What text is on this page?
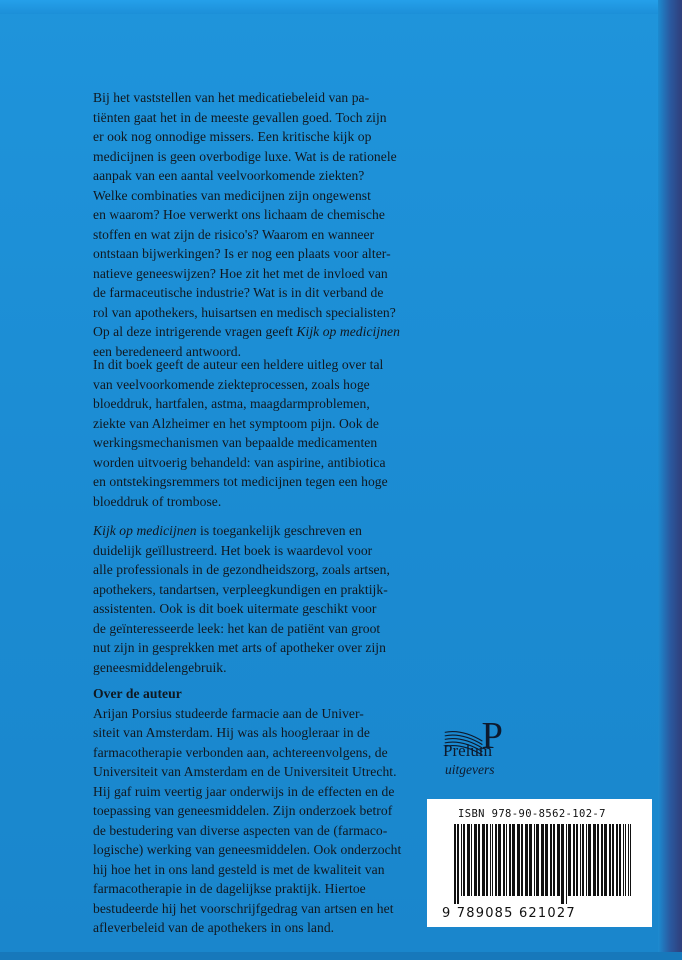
Bij het vaststellen van het medicatiebeleid van pa-

tiënten gaat het in de meeste gevallen goed. Toch zijn

er ook nog onnodige missers. Een kritische kijk op

medicijnen is geen overbodige luxe. Wat is de rationele

aanpak van een aantal veelvoorkomende ziekten?

Welke combinaties van medicijnen zijn ongewenst

en waarom? Hoe verwerkt ons lichaam de chemische

stoffen en wat zijn de risico's? Waarom en wanneer

ontstaan bijwerkingen? Is er nog een plaats voor alter-

natieve geneeswijzen? Hoe zit het met de invloed van

de farmaceutische industrie? Wat is in dit verband de

rol van apothekers, huisartsen en medisch specialisten?

Op al deze intrigerende vragen geeft Kijk op medicijnen

een beredeneerd antwoord.

In dit boek geeft de auteur een heldere uitleg over tal

van veelvoorkomende ziekteprocessen, zoals hoge

bloeddruk, hartfalen, astma, maagdarmproblemen,

ziekte van Alzheimer en het symptoom pijn. Ook de

werkingsmechanismen van bepaalde medicamenten

worden uitvoerig behandeld: van aspirine, antibiotica

en ontstekingsremmers tot medicijnen tegen een hoge

bloeddruk of trombose.

Kijk op medicijnen is toegankelijk geschreven en

duidelijk geïllustreerd. Het boek is waardevol voor

alle professionals in de gezondheidszorg, zoals artsen,

apothekers, tandartsen, verpleegkundigen en praktijk-

assistenten. Ook is dit boek uitermate geschikt voor

de geïnteresseerde leek: het kan de patiënt van groot

nut zijn in gesprekken met arts of apotheker over zijn

geneesmiddelengebruik.

Over de auteur

Arijan Porsius studeerde farmacie aan de Univer-

siteit van Amsterdam. Hij was als hoogleraar in de

farmacotherapie verbonden aan, achtereenvolgens, de

Universiteit van Amsterdam en de Universiteit Utrecht.

Hij gaf ruim veertig jaar onderwijs in de effecten en de

toepassing van geneesmiddelen. Zijn onderzoek betrof

de bestudering van diverse aspecten van de (farmaco-

logische) werking van geneesmiddelen. Ook onderzocht

hij hoe het in ons land gesteld is met de kwaliteit van

farmacotherapie in de dagelijkse praktijk. Hiertoe

bestudeerde hij het voorschrijfgedrag van artsen en het

afleverbeleid van de apothekers in ons land.

P
Prelum
uitgevers
ISBN 978-90-8562-102-7
9 789085 621027
